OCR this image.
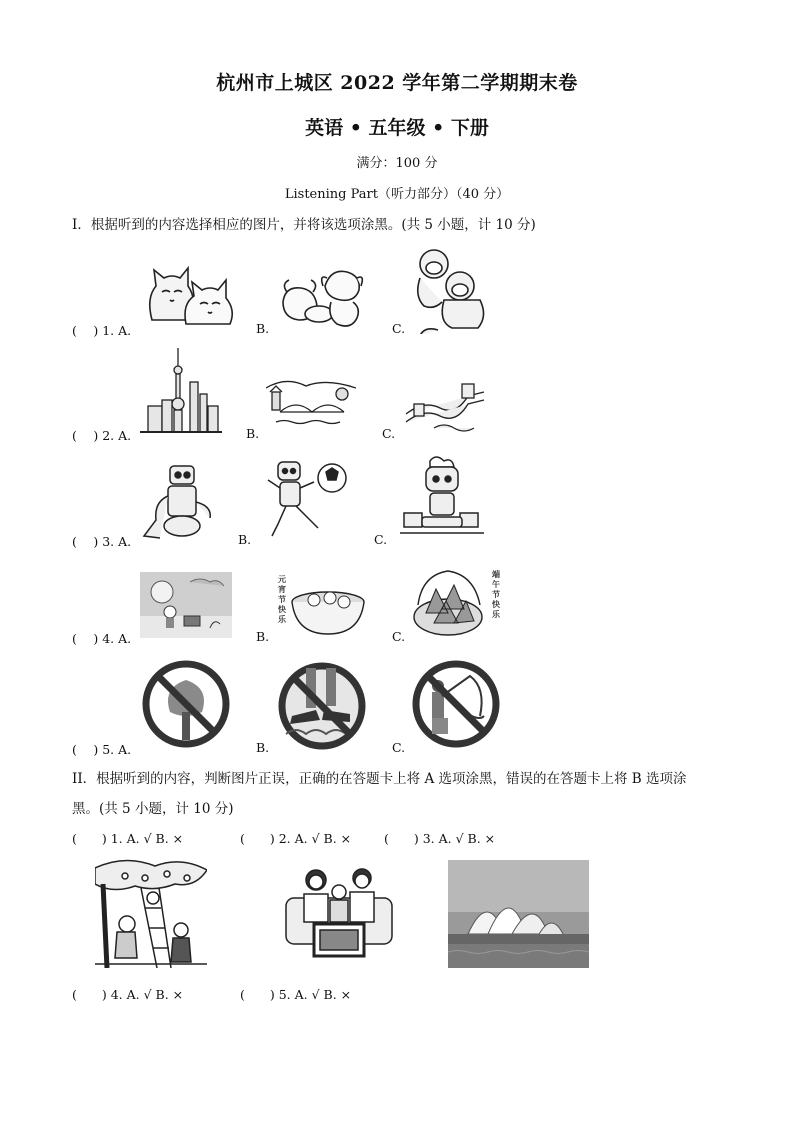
杭州市上城区 2022 学年第二学期期末卷
英语 • 五年级 • 下册
满分：100 分
Listening Part（听力部分）（40 分）
I．根据听到的内容选择相应的图片，并将该选项涂黑。(共 5 小题，计 10 分)
(　 ) 1. A.	B.	C.
(　 ) 2. A.	B.	C.
(　 ) 3. A.	B.	C.
(　 ) 4. A.	B.	C.
元
宵
节
快
乐
端
午
节
快
乐
(　 ) 5. A.	B.	C.
II．根据听到的内容，判断图片正误，正确的在答题卡上将 A 选项涂黑，错误的在答题卡上将 B 选项涂
黑。(共 5 小题，计 10 分)
(　　) 1. A. √ B. ×	(　　) 2. A. √ B. ×	(　　) 3. A. √ B. ×
(　　) 4. A. √ B. ×	(　　) 5. A. √ B. ×
